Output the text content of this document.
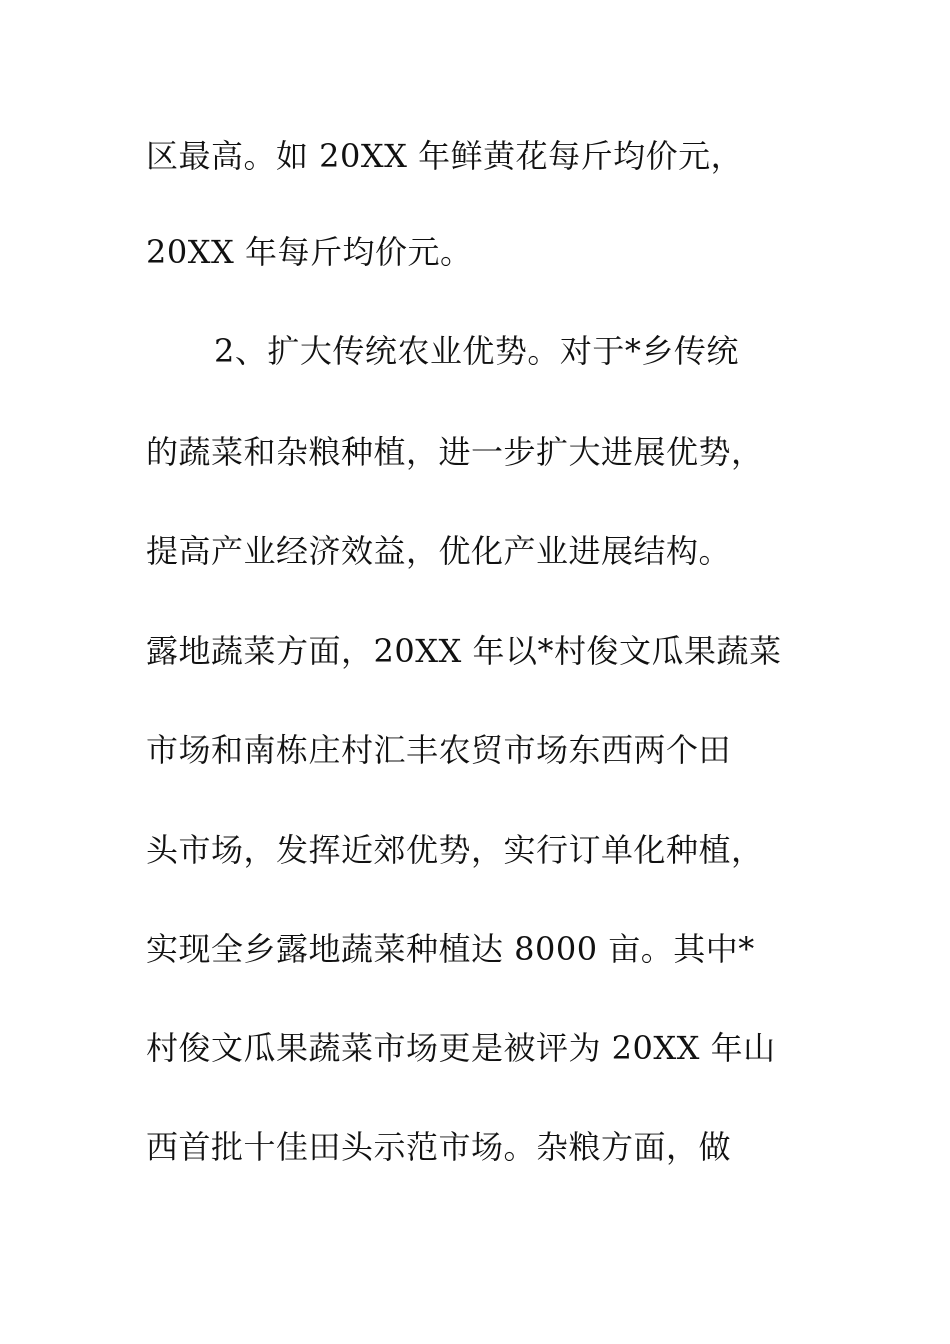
区最高。如 20XX 年鲜黄花每斤均价元，
20XX 年每斤均价元。
2、扩大传统农业优势。对于*乡传统
的蔬菜和杂粮种植，进一步扩大进展优势，
提高产业经济效益，优化产业进展结构。
露地蔬菜方面，20XX 年以*村俊文瓜果蔬菜
市场和南栋庄村汇丰农贸市场东西两个田
头市场，发挥近郊优势，实行订单化种植，
实现全乡露地蔬菜种植达 8000 亩。其中*
村俊文瓜果蔬菜市场更是被评为 20XX 年山
西首批十佳田头示范市场。杂粮方面，做
